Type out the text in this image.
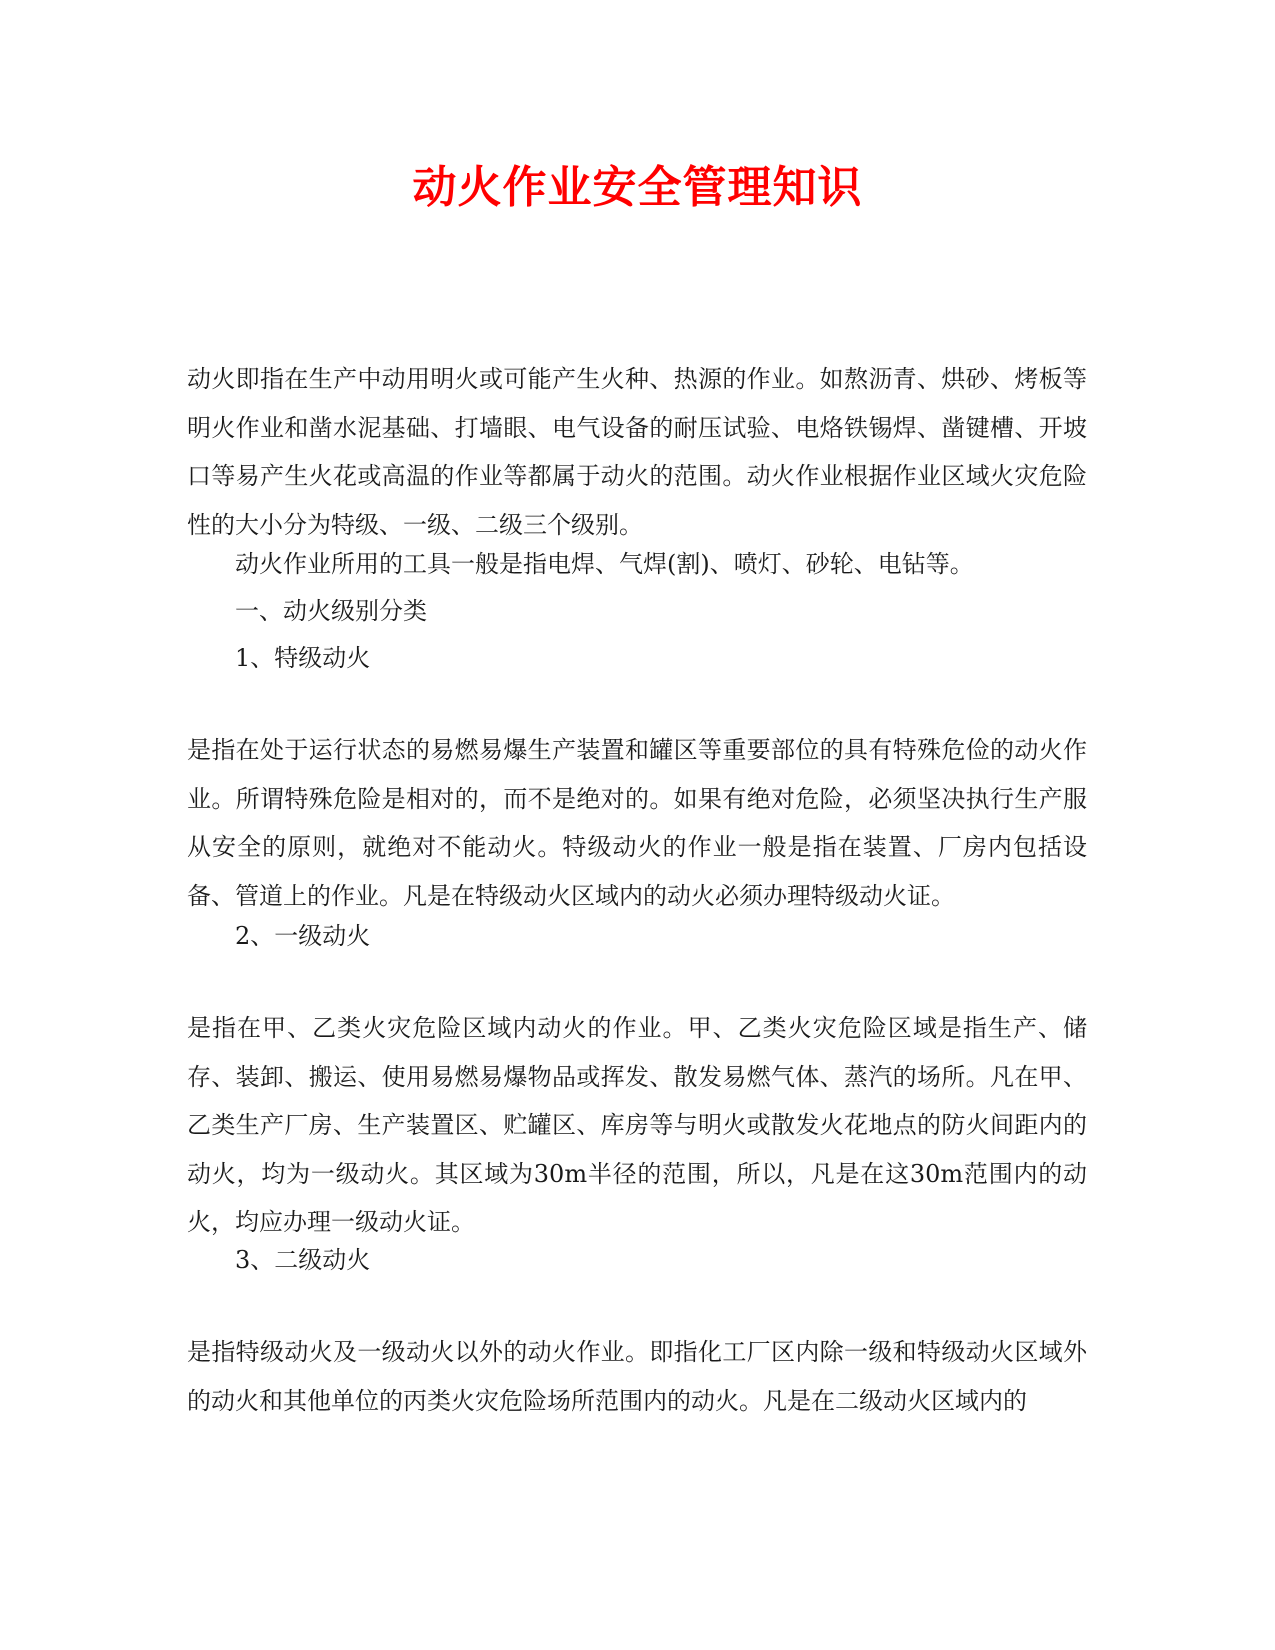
动火作业安全管理知识

动火即指在生产中动用明火或可能产生火种、热源的作业。如熬沥青、烘砂、烤板等明火作业和凿水泥基础、打墙眼、电气设备的耐压试验、电烙铁锡焊、凿键槽、开坡口等易产生火花或高温的作业等都属于动火的范围。动火作业根据作业区域火灾危险性的大小分为特级、一级、二级三个级别。

动火作业所用的工具一般是指电焊、气焊(割)、喷灯、砂轮、电钻等。

一、动火级别分类

1、特级动火

是指在处于运行状态的易燃易爆生产装置和罐区等重要部位的具有特殊危俭的动火作业。所谓特殊危险是相对的，而不是绝对的。如果有绝对危险，必须坚决执行生产服从安全的原则，就绝对不能动火。特级动火的作业一般是指在装置、厂房内包括设备、管道上的作业。凡是在特级动火区域内的动火必须办理特级动火证。

2、一级动火

是指在甲、乙类火灾危险区域内动火的作业。甲、乙类火灾危险区域是指生产、储存、装卸、搬运、使用易燃易爆物品或挥发、散发易燃气体、蒸汽的场所。凡在甲、乙类生产厂房、生产装置区、贮罐区、库房等与明火或散发火花地点的防火间距内的动火，均为一级动火。其区域为30m半径的范围，所以，凡是在这30m范围内的动火，均应办理一级动火证。

3、二级动火

是指特级动火及一级动火以外的动火作业。即指化工厂区内除一级和特级动火区域外的动火和其他单位的丙类火灾危险场所范围内的动火。凡是在二级动火区域内的
